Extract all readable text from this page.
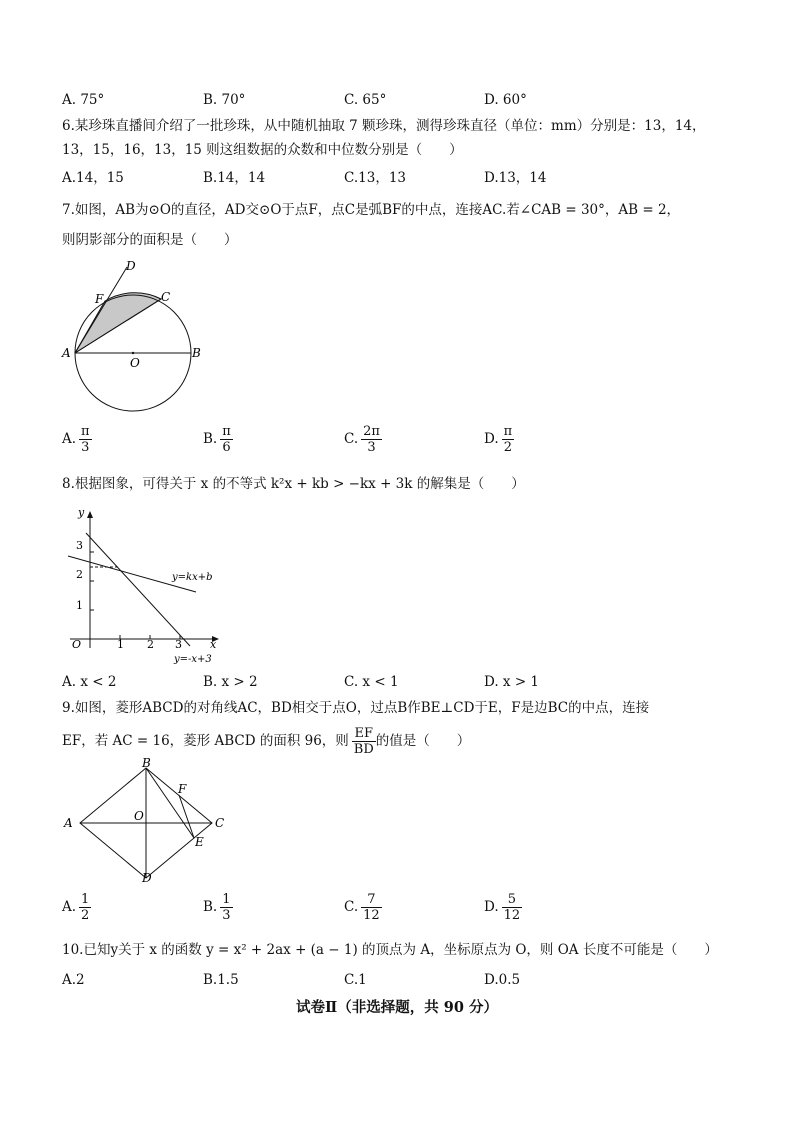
A. 75°	B. 70°	C. 65°	D. 60°
6.某珍珠直播间介绍了一批珍珠，从中随机抽取 7 颗珍珠，测得珍珠直径（单位：mm）分别是：13，14，
13，15，16，13，15 则这组数据的众数和中位数分别是（　　）
A.14，15	B.14，14	C.13，13	D.13，14
7.如图，AB为⊙O的直径，AD交⊙O于点F，点C是弧BF的中点，连接AC.若∠CAB = 30°，AB = 2，
则阴影部分的面积是（　　）
D
F	C
A	B
O
A. $\frac{\pi}{3}$	B. $\frac{\pi}{6}$	C. $\frac{2\pi}{3}$	D. $\frac{\pi}{2}$
8.根据图象，可得关于 x 的不等式 k²x + kb > −kx + 3k 的解集是（　　）
y
x
O
3
2
1
1 2 3
y=kx+b
y=-x+3
A. x < 2	B. x > 2	C. x < 1	D. x > 1
9.如图，菱形ABCD的对角线AC，BD相交于点O，过点B作BE⊥CD于E，F是边BC的中点，连接
EF，若 AC = 16，菱形 ABCD 的面积 96，则 $\frac{EF}{BD}$ 的值是（　　）
A
B
C
D
O
E
F
A. $\frac{1}{2}$	B. $\frac{1}{3}$	C. $\frac{7}{12}$	D. $\frac{5}{12}$
10.已知y关于 x 的函数 y = x² + 2ax + (a − 1) 的顶点为 A，坐标原点为 O，则 OA 长度不可能是（　　）
A.2	B.1.5	C.1	D.0.5
试卷Ⅱ（非选择题，共 90 分）
